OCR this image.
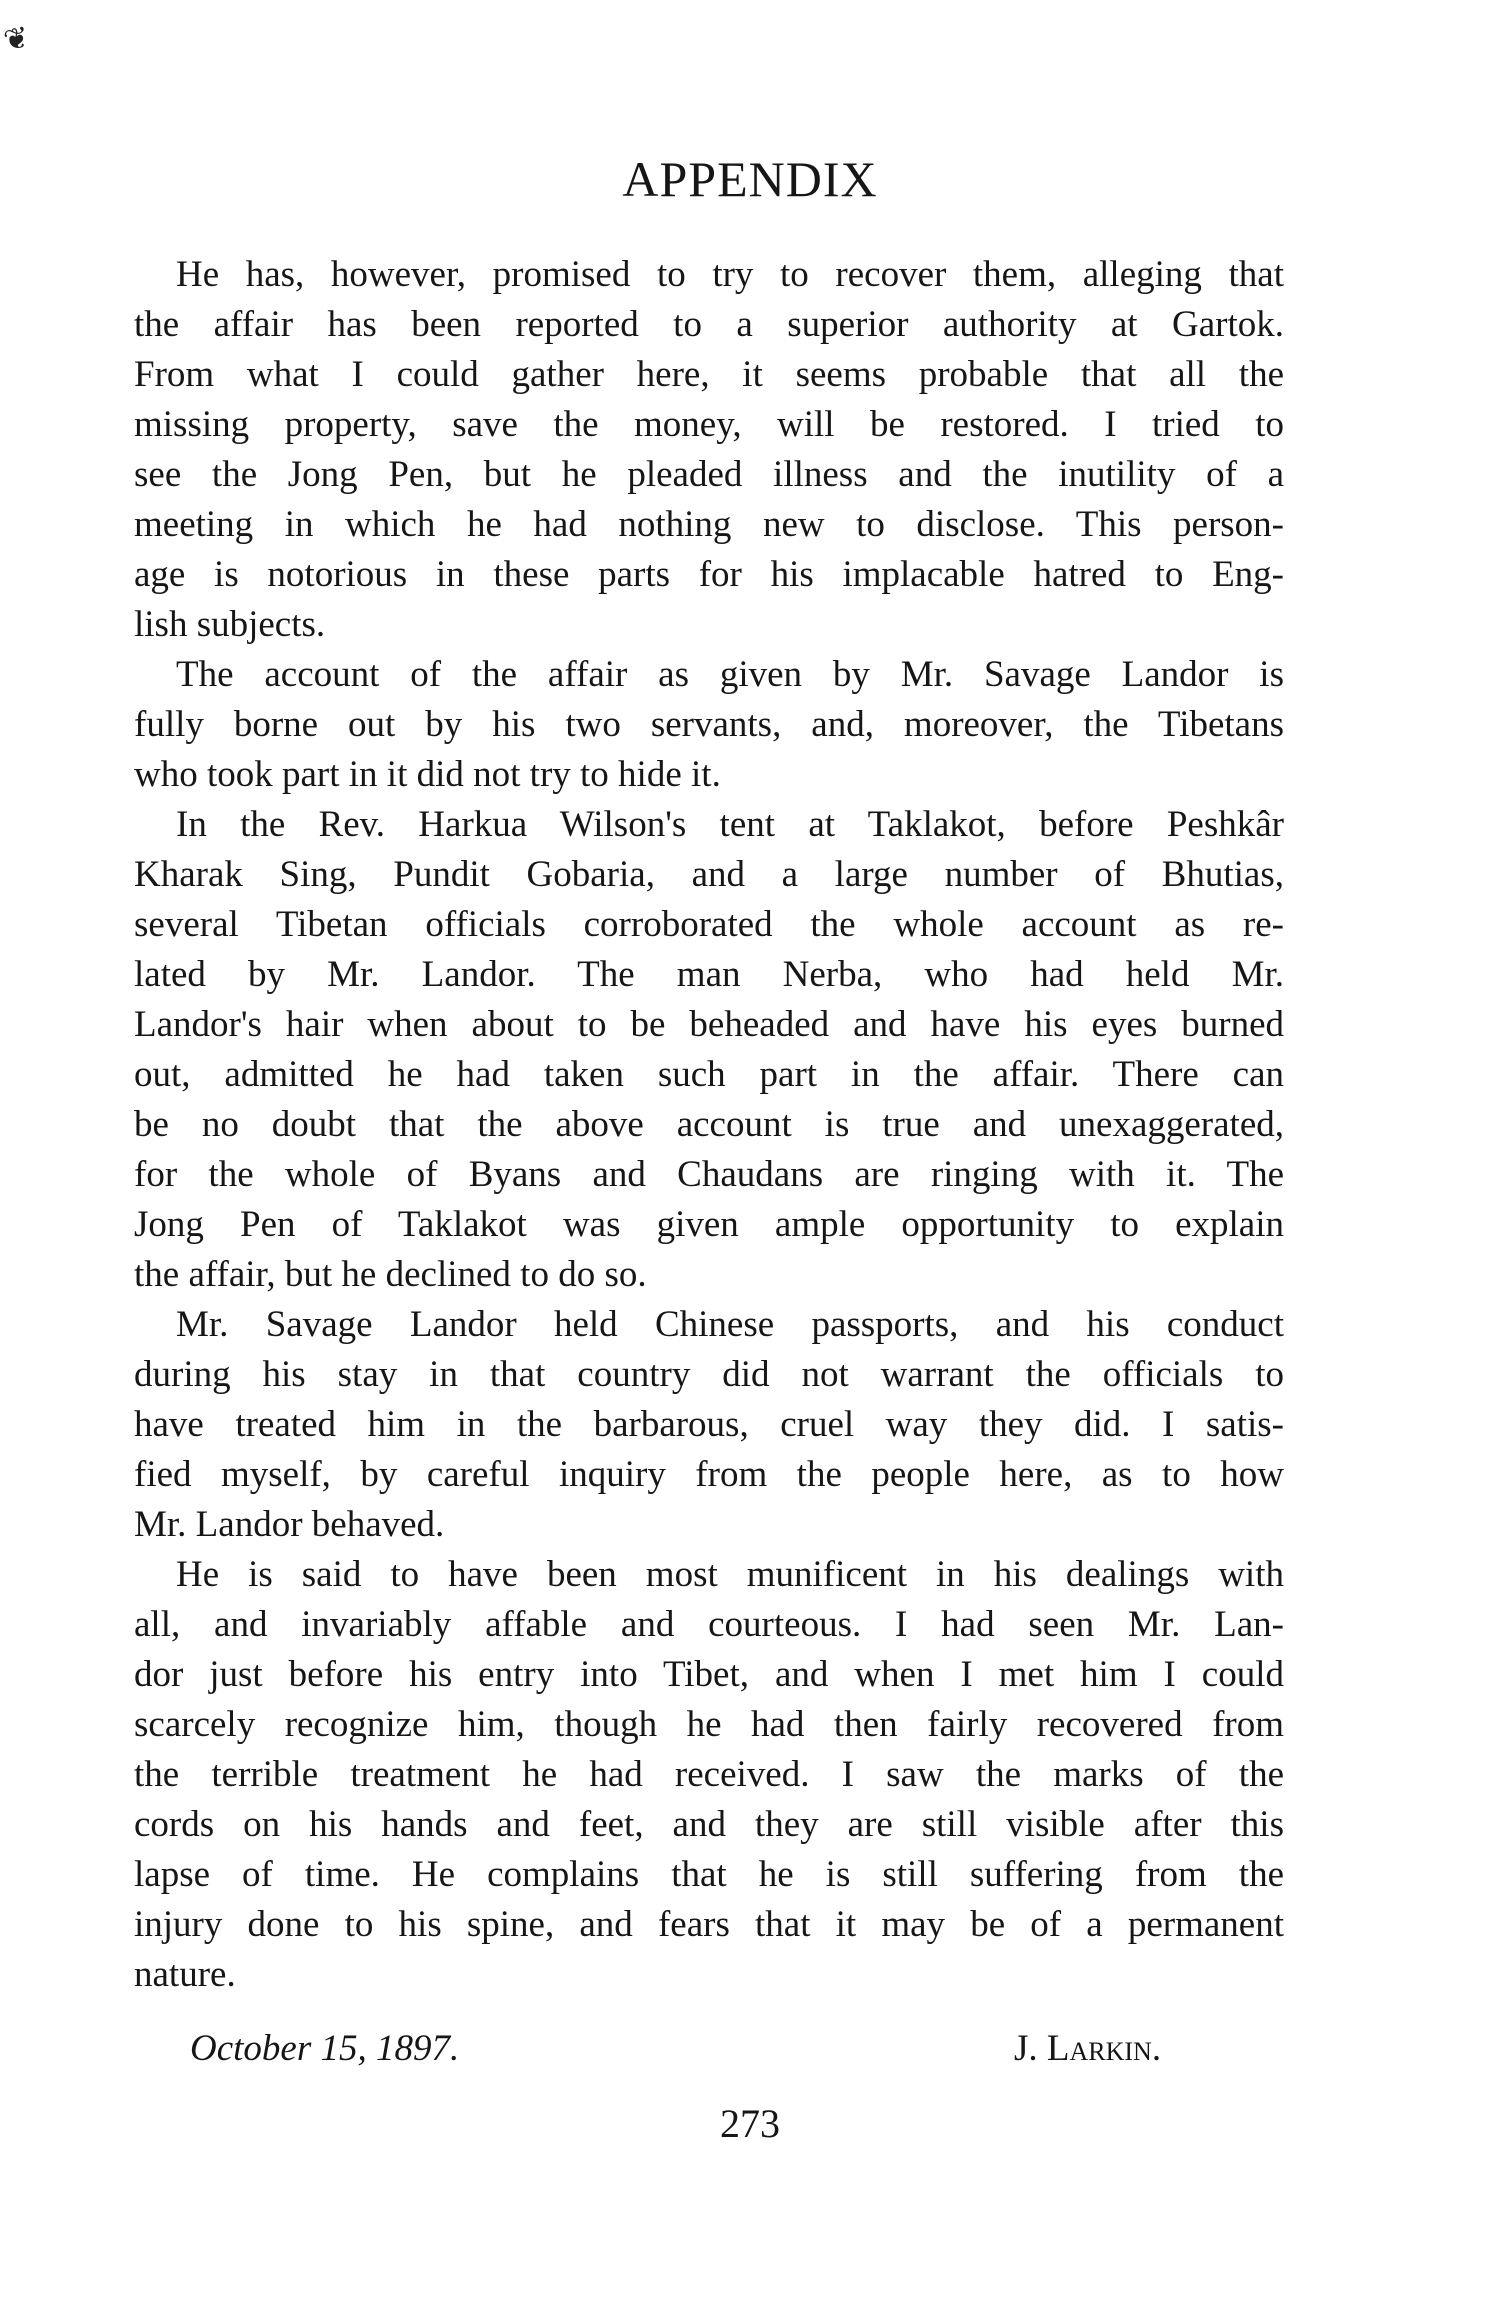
❦
APPENDIX
He has, however, promised to try to recover them, alleging that
the affair has been reported to a superior authority at Gartok.
From what I could gather here, it seems probable that all the
missing property, save the money, will be restored. I tried to
see the Jong Pen, but he pleaded illness and the inutility of a
meeting in which he had nothing new to disclose. This person-
age is notorious in these parts for his implacable hatred to Eng-
lish subjects.
The account of the affair as given by Mr. Savage Landor is
fully borne out by his two servants, and, moreover, the Tibetans
who took part in it did not try to hide it.
In the Rev. Harkua Wilson's tent at Taklakot, before Peshkâr
Kharak Sing, Pundit Gobaria, and a large number of Bhutias,
several Tibetan officials corroborated the whole account as re-
lated by Mr. Landor. The man Nerba, who had held Mr.
Landor's hair when about to be beheaded and have his eyes burned
out, admitted he had taken such part in the affair. There can
be no doubt that the above account is true and unexaggerated,
for the whole of Byans and Chaudans are ringing with it. The
Jong Pen of Taklakot was given ample opportunity to explain
the affair, but he declined to do so.
Mr. Savage Landor held Chinese passports, and his conduct
during his stay in that country did not warrant the officials to
have treated him in the barbarous, cruel way they did. I satis-
fied myself, by careful inquiry from the people here, as to how
Mr. Landor behaved.
He is said to have been most munificent in his dealings with
all, and invariably affable and courteous. I had seen Mr. Lan-
dor just before his entry into Tibet, and when I met him I could
scarcely recognize him, though he had then fairly recovered from
the terrible treatment he had received. I saw the marks of the
cords on his hands and feet, and they are still visible after this
lapse of time. He complains that he is still suffering from the
injury done to his spine, and fears that it may be of a permanent
nature.
October 15, 1897.	J. Larkin.
273
